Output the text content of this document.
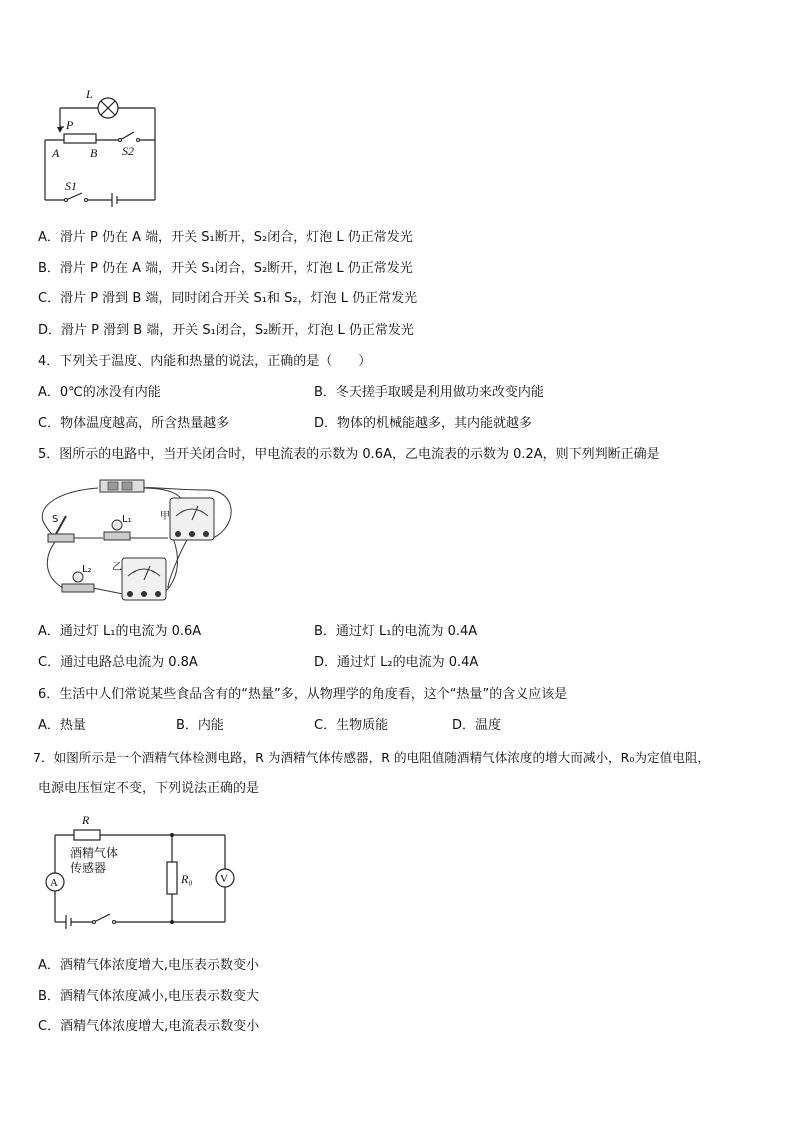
L
P
A	B S2
S1
A．滑片 P 仍在 A 端，开关 S₁断开，S₂闭合，灯泡 L 仍正常发光
B．滑片 P 仍在 A 端，开关 S₁闭合，S₂断开，灯泡 L 仍正常发光
C．滑片 P 滑到 B 端，同时闭合开关 S₁和 S₂，灯泡 L 仍正常发光
D．滑片 P 滑到 B 端，开关 S₁闭合，S₂断开，灯泡 L 仍正常发光
4．下列关于温度、内能和热量的说法，正确的是（　　）
A．0℃的冰没有内能	B．冬天搓手取暖是利用做功来改变内能
C．物体温度越高，所含热量越多	D．物体的机械能越多，其内能就越多
5．图所示的电路中，当开关闭合时，甲电流表的示数为 0.6A，乙电流表的示数为 0.2A，则下列判断正确是
S	L₁	甲
L₂ 乙
A．通过灯 L₁的电流为 0.6A	B．通过灯 L₁的电流为 0.4A
C．通过电路总电流为 0.8A	D．通过灯 L₂的电流为 0.4A
6．生活中人们常说某些食品含有的“热量”多，从物理学的角度看，这个“热量”的含义应该是
A．热量	B．内能	C．生物质能	D．温度
7．如图所示是一个酒精气体检测电路，R 为酒精气体传感器，R 的电阻值随酒精气体浓度的增大而减小，R₀为定值电阻，
电源电压恒定不变，下列说法正确的是
R
酒精气体
传感器
A	R₀ V
A．酒精气体浓度增大,电压表示数变小
B．酒精气体浓度减小,电压表示数变大
C．酒精气体浓度增大,电流表示数变小
